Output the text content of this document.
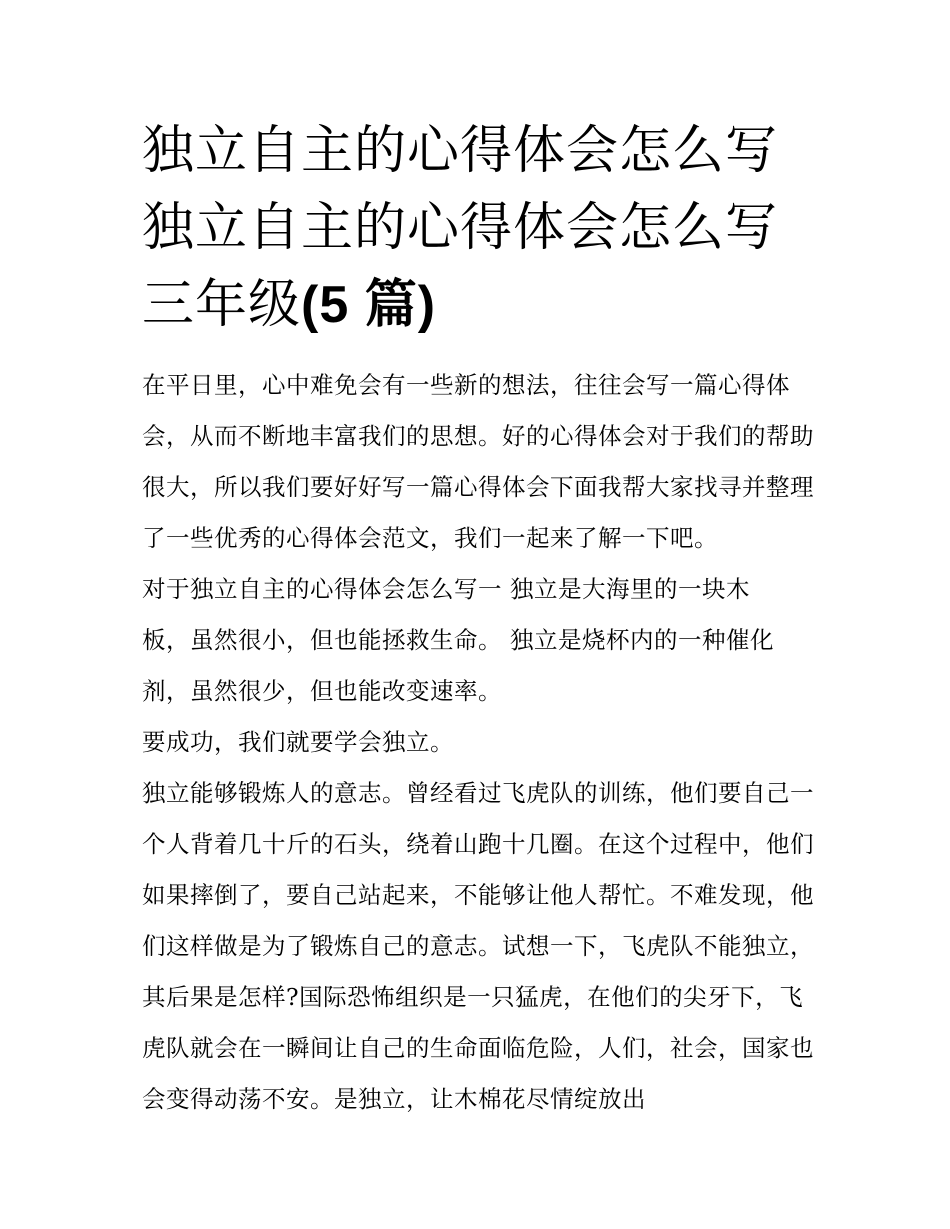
独立自主的心得体会怎么写 独立自主的心得体会怎么写三年级(5 篇)

在平日里，心中难免会有一些新的想法，往往会写一篇心得体会，从而不断地丰富我们的思想。好的心得体会对于我们的帮助很大，所以我们要好好写一篇心得体会下面我帮大家找寻并整理了一些优秀的心得体会范文，我们一起来了解一下吧。

对于独立自主的心得体会怎么写一 独立是大海里的一块木板，虽然很小，但也能拯救生命。 独立是烧杯内的一种催化剂，虽然很少，但也能改变速率。

要成功，我们就要学会独立。

独立能够锻炼人的意志。曾经看过飞虎队的训练，他们要自己一个人背着几十斤的石头，绕着山跑十几圈。在这个过程中，他们如果摔倒了，要自己站起来，不能够让他人帮忙。不难发现，他们这样做是为了锻炼自己的意志。试想一下，飞虎队不能独立，其后果是怎样?国际恐怖组织是一只猛虎，在他们的尖牙下，飞虎队就会在一瞬间让自己的生命面临危险，人们，社会，国家也会变得动荡不安。是独立，让木棉花尽情绽放出
